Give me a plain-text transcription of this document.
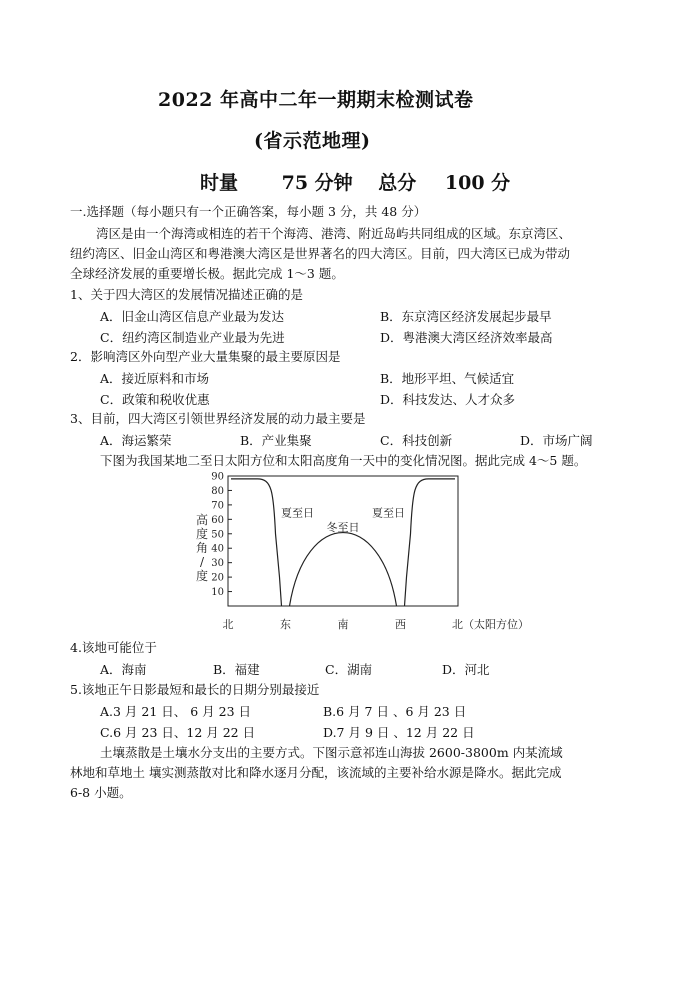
2022 年高中二年一期期末检测试卷
(省示范地理)
时量 75 分钟 总分 100 分
一.选择题（每小题只有一个正确答案，每小题 3 分，共 48 分）
湾区是由一个海湾或相连的若干个海湾、港湾、附近岛屿共同组成的区域。东京湾区、
纽约湾区、旧金山湾区和粤港澳大湾区是世界著名的四大湾区。目前，四大湾区已成为带动
全球经济发展的重要增长极。据此完成 1～3 题。
1、关于四大湾区的发展情况描述正确的是
A．旧金山湾区信息产业最为发达	B．东京湾区经济发展起步最早
C．纽约湾区制造业产业最为先进	D．粤港澳大湾区经济效率最高
2．影响湾区外向型产业大量集聚的最主要原因是
A．接近原料和市场	B．地形平坦、气候适宜
C．政策和税收优惠	D．科技发达、人才众多
3、目前，四大湾区引领世界经济发展的动力最主要是
A．海运繁荣	B．产业集聚	C．科技创新	D．市场广阔
下图为我国某地二至日太阳方位和太阳高度角一天中的变化情况图。据此完成 4～5 题。
高
度
角
/
度
90
80
70
60
50
40
30
20
10
北	东	南	西	北（太阳方位）
夏至日
冬至日
夏至日
4.该地可能位于
A．海南	B．福建	C．湖南	D．河北
5.该地正午日影最短和最长的日期分别最接近
A.3 月 21 日、 6 月 23 日	B.6 月 7 日 、6 月 23 日
C.6 月 23 日、12 月 22 日	D.7 月 9 日 、12 月 22 日
土壤蒸散是土壤水分支出的主要方式。下图示意祁连山海拔 2600-3800m 内某流域
林地和草地土 壤实测蒸散对比和降水逐月分配，该流域的主要补给水源是降水。据此完成
6-8 小题。
